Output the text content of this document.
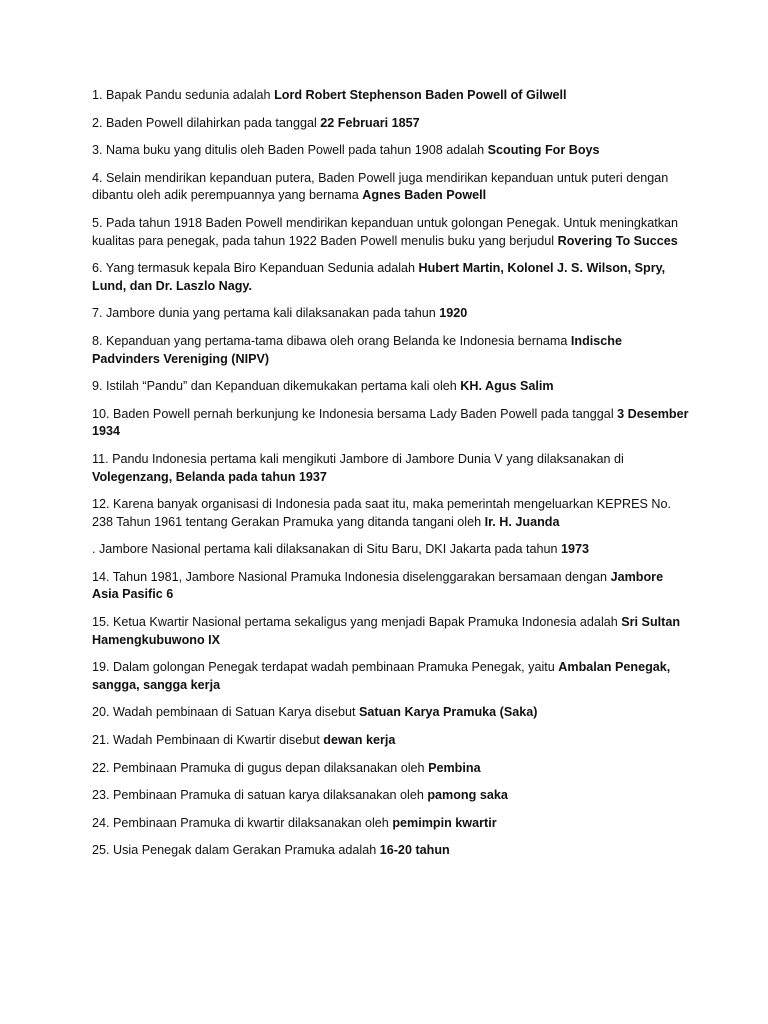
1. Bapak Pandu sedunia adalah Lord Robert Stephenson Baden Powell of Gilwell

2. Baden Powell dilahirkan pada tanggal 22 Februari 1857

3. Nama buku yang ditulis oleh Baden Powell pada tahun 1908 adalah Scouting For Boys

4. Selain mendirikan kepanduan putera, Baden Powell juga mendirikan kepanduan untuk puteri dengan dibantu oleh adik perempuannya yang bernama Agnes Baden Powell

5. Pada tahun 1918 Baden Powell mendirikan kepanduan untuk golongan Penegak. Untuk meningkatkan kualitas para penegak, pada tahun 1922 Baden Powell menulis buku yang berjudul Rovering To Succes

6. Yang termasuk kepala Biro Kepanduan Sedunia adalah Hubert Martin, Kolonel J. S. Wilson, Spry, Lund, dan Dr. Laszlo Nagy.

7. Jambore dunia yang pertama kali dilaksanakan pada tahun 1920

8. Kepanduan yang pertama-tama dibawa oleh orang Belanda ke Indonesia bernama Indische Padvinders Vereniging (NIPV)

9. Istilah “Pandu” dan Kepanduan dikemukakan pertama kali oleh KH. Agus Salim

10. Baden Powell pernah berkunjung ke Indonesia bersama Lady Baden Powell pada tanggal 3 Desember 1934

11. Pandu Indonesia pertama kali mengikuti Jambore di Jambore Dunia V yang dilaksanakan di Volegenzang, Belanda pada tahun 1937

12. Karena banyak organisasi di Indonesia pada saat itu, maka pemerintah mengeluarkan KEPRES No. 238 Tahun 1961 tentang Gerakan Pramuka yang ditanda tangani oleh Ir. H. Juanda

. Jambore Nasional pertama kali dilaksanakan di Situ Baru, DKI Jakarta pada tahun 1973

14. Tahun 1981, Jambore Nasional Pramuka Indonesia diselenggarakan bersamaan dengan Jambore Asia Pasific 6

15. Ketua Kwartir Nasional pertama sekaligus yang menjadi Bapak Pramuka Indonesia adalah Sri Sultan Hamengkubuwono IX

19. Dalam golongan Penegak terdapat wadah pembinaan Pramuka Penegak, yaitu Ambalan Penegak, sangga, sangga kerja

20. Wadah pembinaan di Satuan Karya disebut Satuan Karya Pramuka (Saka)

21. Wadah Pembinaan di Kwartir disebut dewan kerja

22. Pembinaan Pramuka di gugus depan dilaksanakan oleh Pembina

23. Pembinaan Pramuka di satuan karya dilaksanakan oleh pamong saka

24. Pembinaan Pramuka di kwartir dilaksanakan oleh pemimpin kwartir

25. Usia Penegak dalam Gerakan Pramuka adalah 16-20 tahun
